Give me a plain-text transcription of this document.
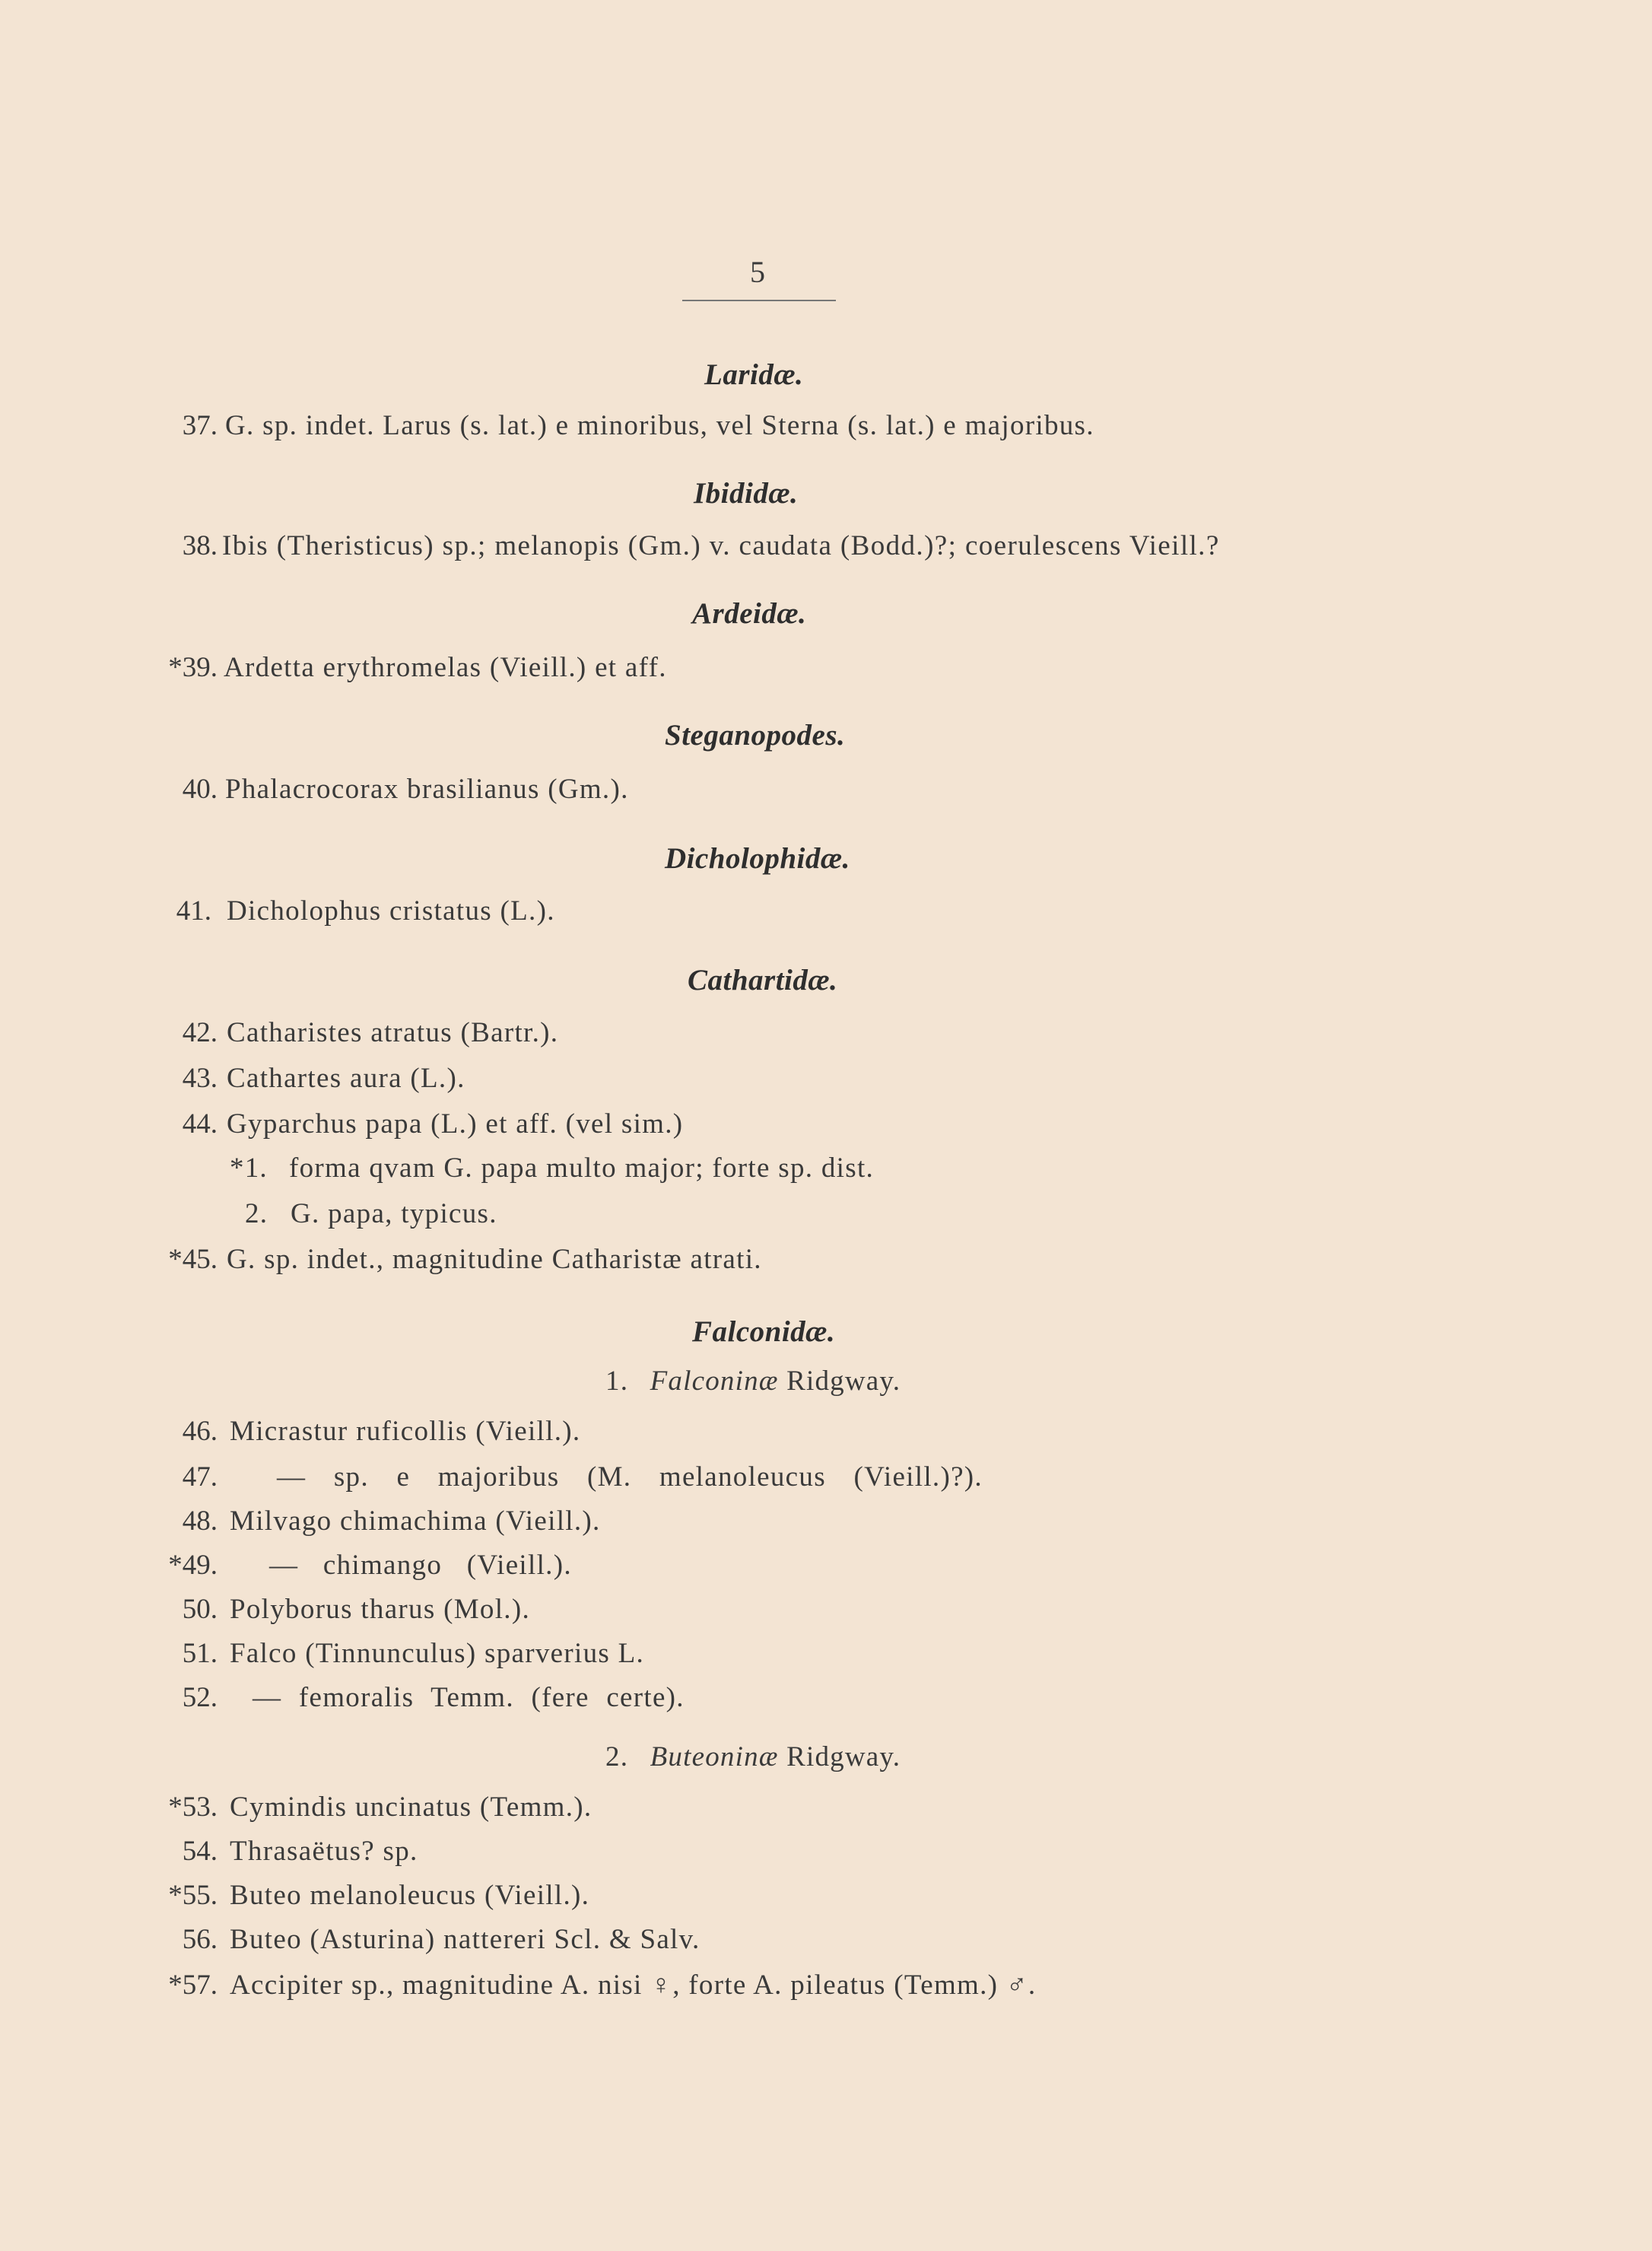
5
Laridæ.
37. G. sp. indet. Larus (s. lat.) e minoribus, vel Sterna (s. lat.) e majoribus.
Ibididæ.
38. Ibis (Theristicus) sp.; melanopis (Gm.) v. caudata (Bodd.)?; coerulescens Vieill.?
Ardeidæ.
*39. Ardetta erythromelas (Vieill.) et aff.
Steganopodes.
40. Phalacrocorax brasilianus (Gm.).
Dicholophidæ.
41. Dicholophus cristatus (L.).
Cathartidæ.
42. Catharistes atratus (Bartr.).
43. Cathartes aura (L.).
44. Gyparchus papa (L.) et aff. (vel sim.)
*1. forma qvam G. papa multo major; forte sp. dist.
2. G. papa, typicus.
*45. G. sp. indet., magnitudine Catharistæ atrati.
Falconidæ.
1. Falconinæ Ridgway.
46. Micrastur ruficollis (Vieill.).
47. — sp. e majoribus (M. melanoleucus (Vieill.)?).
48. Milvago chimachima (Vieill.).
*49. — chimango (Vieill.).
50. Polyborus tharus (Mol.).
51. Falco (Tinnunculus) sparverius L.
52. — femoralis Temm. (fere certe).
2. Buteoninæ Ridgway.
*53. Cymindis uncinatus (Temm.).
54. Thrasaëtus? sp.
*55. Buteo melanoleucus (Vieill.).
56. Buteo (Asturina) nattereri Scl. & Salv.
*57. Accipiter sp., magnitudine A. nisi ♀, forte A. pileatus (Temm.) ♂.
